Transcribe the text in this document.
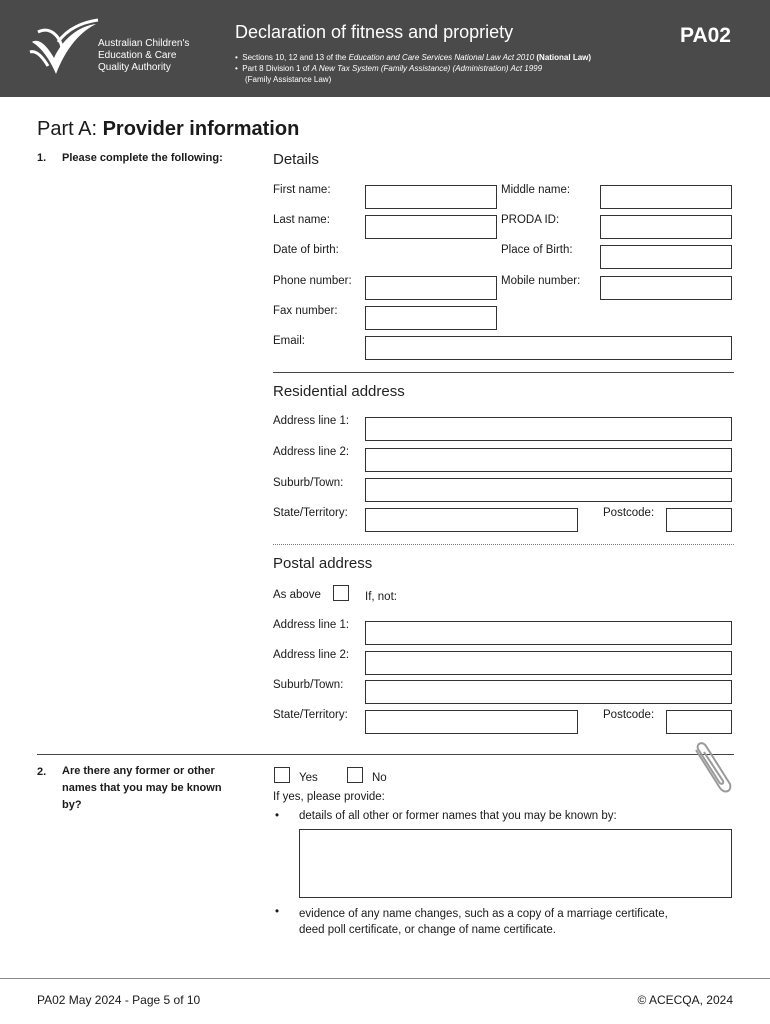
Australian Children's
Education & Care
Quality Authority
Declaration of fitness and propriety	PA02
•  Sections 10, 12 and 13 of the Education and Care Services National Law Act 2010 (National Law)
•  Part 8 Division 1 of A New Tax System (Family Assistance) (Administration) Act 1999
(Family Assistance Law)
Part A: Provider information
1. Please complete the following:	Details
First name:	Middle name:
Last name:	PRODA ID:
Date of birth:	Place of Birth:
Phone number:	Mobile number:
Fax number:
Email:
Residential address
Address line 1:
Address line 2:
Suburb/Town:
State/Territory:	Postcode:
Postal address
As above	If, not:
Address line 1:
Address line 2:
Suburb/Town:
State/Territory:	Postcode:
2. Are there any former or other
names that you may be known
by?
Yes	No
If yes, please provide:
• details of all other or former names that you may be known by:
• evidence of any name changes, such as a copy of a marriage certificate,
deed poll certificate, or change of name certificate.
PA02 May 2024 - Page 5 of 10	© ACECQA, 2024
